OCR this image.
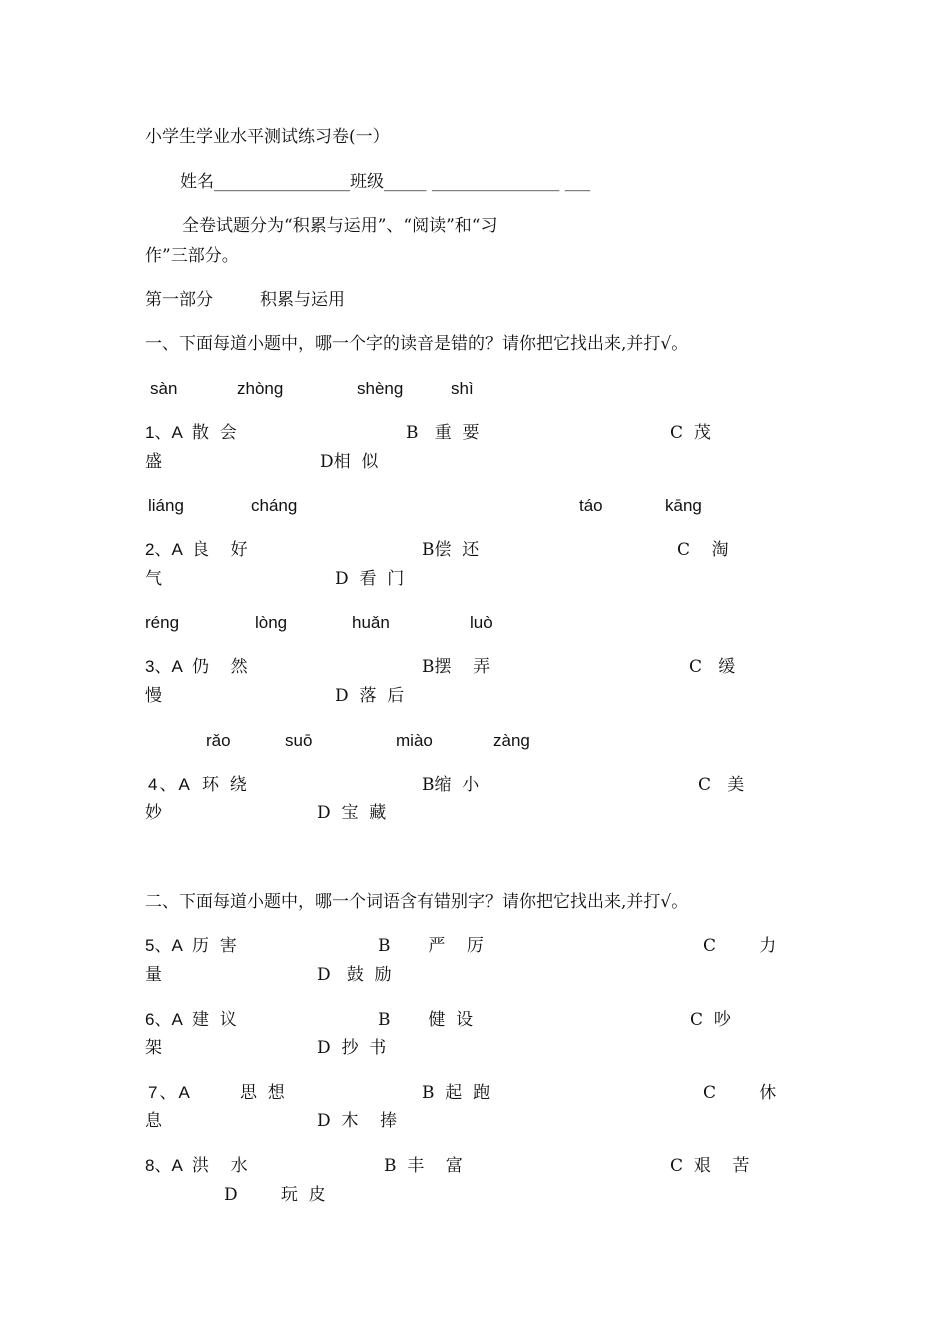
小学生学业水平测试练习卷(一）
姓名________________班级_____ _______________ ___
全卷试题分为“积累与运用”、“阅读”和“习
作”三部分。
第一部分	积累与运用
一、下面每道小题中，哪一个字的读音是错的？请你把它找出来,并打√。
sàn	zhòng	shèng	shì
1、A 散  会	B   重  要	C  茂
盛	D相  似
liáng	cháng	táo	kāng
2、A 良    好	B偿  还	C    淘
气	D  看  门
réng	lòng	huǎn	luò
3、A 仍    然	B摆    弄	C   缓
慢	D  落  后
rǎo	suō	miào	zàng
4、A 环  绕	B缩  小	C   美
妙	D  宝  藏
二、下面每道小题中，哪一个词语含有错别字？请你把它找出来,并打√。
5、A 历  害	B       严    厉	C        力
量	D   鼓  励
6、A 建  议	B       健  设	C  吵
架	D  抄  书
7、A	思  想	B  起  跑	C        休
息	D  木    捧
8、A 洪    水	B  丰    富	C  艰    苦
D        玩  皮
